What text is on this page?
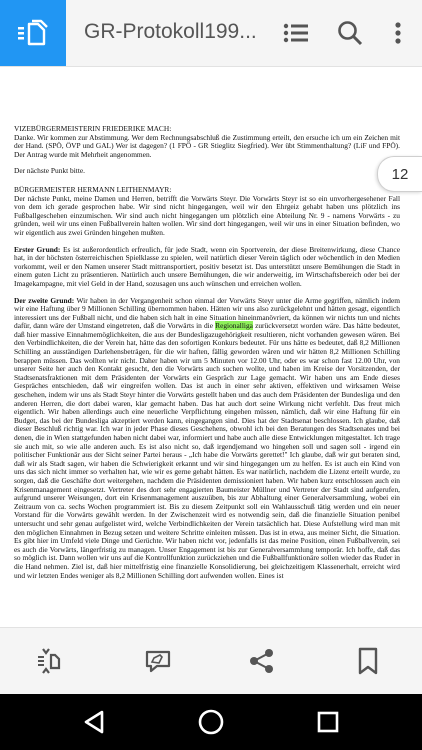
GR-Protokoll199...

VIZEBÜRGERMEISTERIN FRIEDERIKE MACH:

Danke. Wir kommen zur Abstimmung. Wer dem Rechnungsabschluß die Zustimmung erteilt, den ersuche ich um ein Zeichen mit der Hand. (SPÖ, ÖVP und GAL) Wer ist dagegen? (1 FPÖ - GR Stieglitz Siegfried). Wer übt Stimmenthaltung? (LiF und FPÖ). Der Antrag wurde mit Mehrheit angenommen.

Der nächste Punkt bitte.

BÜRGERMEISTER HERMANN LEITHENMAYR:

Der nächste Punkt, meine Damen und Herren, betrifft die Vorwärts Steyr. Die Vorwärts Steyr ist so ein unvorhergesehener Fall von dem ich gerade gesprochen habe. Wir sind nicht hingegangen, weil wir den Ehrgeiz gehabt haben uns plötzlich ins Fußballgeschehen einzumischen. Wir sind auch nicht hingegangen um plötzlich eine Abteilung Nr. 9 - namens Vorwärts - zu gründen, weil wir uns einen Fußballverein halten wollen. Wir sind dort hingegangen, weil wir uns in einer Situation befinden, wo wir eigentlich aus zwei Gründen hingehen mußten.

Erster Grund: Es ist außerordentlich erfreulich, für jede Stadt, wenn ein Sportverein, der diese Breitenwirkung, diese Chance hat, in der höchsten österreichischen Spielklasse zu spielen, weil natürlich dieser Verein täglich oder wöchentlich in den Medien vorkommt, weil er den Namen unserer Stadt mittransportiert, positiv besetzt ist. Das unterstützt unsere Bemühungen die Stadt in einem guten Licht zu präsentieren. Natürlich auch unsere Bemühungen, die wir anderweitig, im Wirtschaftsbereich oder bei der Imagekampagne, mit viel Geld in der Hand, sozusagen uns auch wünschen und erreichen wollen.

Der zweite Grund: Wir haben in der Vergangenheit schon einmal der Vorwärts Steyr unter die Arme gegriffen, nämlich indem wir eine Haftung über 9 Millionen Schilling übernommen haben. Hätten wir uns also zurückgelehnt und hätten gesagt, eigentlich interessiert uns der Fußball nicht, und die haben sich halt in eine Situation hineinmanövriert, da können wir nichts tun und nichts dafür, dann wäre der Umstand eingetreten, daß die Vorwärts in die Regionalliga zurückversetzt worden wäre. Das hätte bedeutet, daß hier massive Einnahmemöglichkeiten, die aus der Bundesligazugehörigkeit resultieren, nicht vorhanden gewesen wären. Bei den Verbindlichkeiten, die der Verein hat, hätte das den sofortigen Konkurs bedeutet. Für uns hätte es bedeutet, daß 8,2 Millionen Schilling an ausständigen Darlehensbeträgen, für die wir haften, fällig geworden wären und wir hätten 8,2 Millionen Schilling berappen müssen. Das wollten wir nicht. Daher haben wir um 5 Minuten vor 12.00 Uhr, oder es war schon fast 12.00 Uhr, von unserer Seite her auch den Kontakt gesucht, den die Vorwärts auch suchen wollte, und haben im Kreise der Vorsitzenden, der Stadtsenatsfraktionen mit dem Präsidenten der Vorwärts ein Gespräch zur Lage gemacht. Wir haben uns am Ende dieses Gespräches entschieden, daß wir eingreifen wollen. Das ist auch in einer sehr aktiven, effektiven und wirksamen Weise geschehen, indem wir uns als Stadt Steyr hinter die Vorwärts gestellt haben und das auch dem Präsidenten der Bundesliga und den anderen Herren, die dort dabei waren, klar gemacht haben. Das hat auch dort seine Wirkung nicht verfehlt. Das freut mich eigentlich. Wir haben allerdings auch eine neuerliche Verpflichtung eingehen müssen, nämlich, daß wir eine Haftung für ein Budget, das bei der Bundesliga akzeptiert werden kann, eingegangen sind. Dies hat der Stadtsenat beschlossen. Ich glaube, daß dieser Beschluß richtig war. Ich war in jeder Phase dieses Geschehens, obwohl ich bei den Beratungen des Stadtsenates und bei denen, die in Wien stattgefunden haben nicht dabei war, informiert und habe auch alle diese Entwicklungen mitgestaltet. Ich trage sie auch mit, so wie alle anderen auch. Es ist also nicht so, daß irgendjemand wo hingehen soll und sagen soll - irgend ein politischer Funktionär aus der Sicht seiner Partei heraus - „Ich habe die Vorwärts gerettet!" Ich glaube, daß wir gut beraten sind, daß wir als Stadt sagen, wir haben die Schwierigkeit erkannt und wir sind hingegangen um zu helfen. Es ist auch ein Kind von uns das sich nicht immer so verhalten hat, wie wir es gerne gehabt hätten. Es war natürlich, nachdem die Lizenz erteilt wurde, zu sorgen, daß die Geschäfte dort weitergehen, nachdem die Präsidenten demissioniert haben. Wir haben kurz entschlossen auch ein Krisenmanagement eingesetzt. Vertreter des dort sehr engagierten Baumeister Müllner und Vertreter der Stadt sind aufgerufen, aufgrund unserer Weisungen, dort ein Krisenmanagement auszuüben, bis zur Abhaltung einer Generalversammlung, wobei ein Zeitraum von ca. sechs Wochen programmiert ist. Bis zu diesem Zeitpunkt soll ein Wahlausschuß tätig werden und ein neuer Vorstand für die Vorwärts gewählt werden. In der Zwischenzeit wird es notwendig sein, daß die finanzielle Situation penibel untersucht und sehr genau aufgelistet wird, welche Verbindlichkeiten der Verein tatsächlich hat. Diese Aufstellung wird man mit den möglichen Einnahmen in Bezug setzen und weitere Schritte einleiten müssen. Das ist in etwa, aus meiner Sicht, die Situation. Es gibt hier im Umfeld viele Dinge und Gerüchte. Wir haben nicht vor, jedenfalls ist das meine Position, einen Fußballverein, sei es auch die Vorwärts, längerfristig zu managen. Unser Engagement ist bis zur Generalversammlung temporär. Ich hoffe, daß das so möglich ist. Dann wollen wir uns auf die Kontrollfunktion zurückziehen und die Fußballfunktionäre sollen wieder das Ruder in die Hand nehmen. Ziel ist, daß hier mittelfristig eine finanzielle Konsolidierung, bei gleichzeitigem Klassenerhalt, erreicht wird und wir letzten Endes weniger als 8,2 Millionen Schilling dort aufwenden wollen. Eines ist

12
